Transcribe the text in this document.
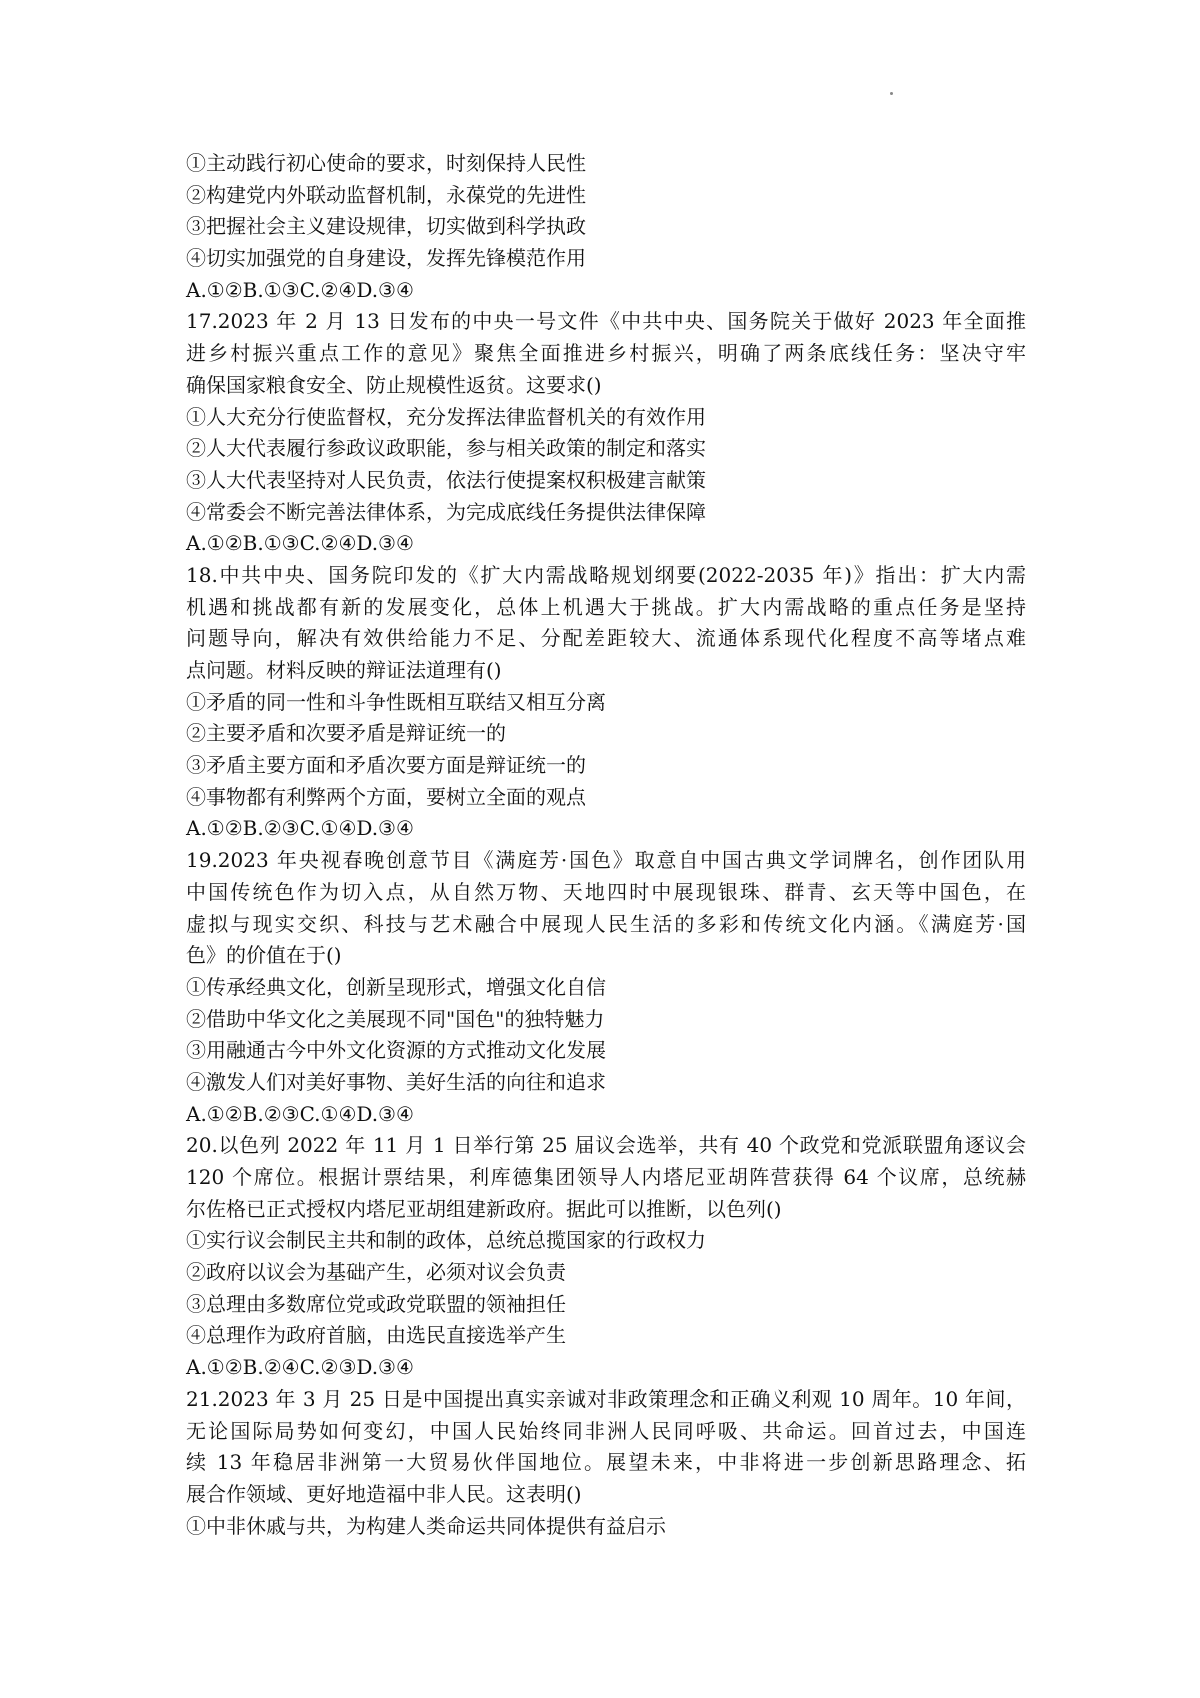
①主动践行初心使命的要求，时刻保持人民性
②构建党内外联动监督机制，永葆党的先进性
③把握社会主义建设规律，切实做到科学执政
④切实加强党的自身建设，发挥先锋模范作用
A.①②B.①③C.②④D.③④
17.2023 年 2 月 13 日发布的中央一号文件《中共中央、国务院关于做好 2023 年全面推
进乡村振兴重点工作的意见》聚焦全面推进乡村振兴，明确了两条底线任务：坚决守牢
确保国家粮食安全、防止规模性返贫。这要求()
①人大充分行使监督权，充分发挥法律监督机关的有效作用
②人大代表履行参政议政职能，参与相关政策的制定和落实
③人大代表坚持对人民负责，依法行使提案权积极建言献策
④常委会不断完善法律体系，为完成底线任务提供法律保障
A.①②B.①③C.②④D.③④
18.中共中央、国务院印发的《扩大内需战略规划纲要(2022-2035 年)》指出：扩大内需
机遇和挑战都有新的发展变化，总体上机遇大于挑战。扩大内需战略的重点任务是坚持
问题导向，解决有效供给能力不足、分配差距较大、流通体系现代化程度不高等堵点难
点问题。材料反映的辩证法道理有()
①矛盾的同一性和斗争性既相互联结又相互分离
②主要矛盾和次要矛盾是辩证统一的
③矛盾主要方面和矛盾次要方面是辩证统一的
④事物都有利弊两个方面，要树立全面的观点
A.①②B.②③C.①④D.③④
19.2023 年央视春晚创意节目《满庭芳·国色》取意自中国古典文学词牌名，创作团队用
中国传统色作为切入点，从自然万物、天地四时中展现银珠、群青、玄天等中国色，在
虚拟与现实交织、科技与艺术融合中展现人民生活的多彩和传统文化内涵。《满庭芳·国
色》的价值在于()
①传承经典文化，创新呈现形式，增强文化自信
②借助中华文化之美展现不同"国色"的独特魅力
③用融通古今中外文化资源的方式推动文化发展
④激发人们对美好事物、美好生活的向往和追求
A.①②B.②③C.①④D.③④
20.以色列 2022 年 11 月 1 日举行第 25 届议会选举，共有 40 个政党和党派联盟角逐议会
120 个席位。根据计票结果，利库德集团领导人内塔尼亚胡阵营获得 64 个议席，总统赫
尔佐格已正式授权内塔尼亚胡组建新政府。据此可以推断，以色列()
①实行议会制民主共和制的政体，总统总揽国家的行政权力
②政府以议会为基础产生，必须对议会负责
③总理由多数席位党或政党联盟的领袖担任
④总理作为政府首脑，由选民直接选举产生
A.①②B.②④C.②③D.③④
21.2023 年 3 月 25 日是中国提出真实亲诚对非政策理念和正确义利观 10 周年。10 年间，
无论国际局势如何变幻，中国人民始终同非洲人民同呼吸、共命运。回首过去，中国连
续 13 年稳居非洲第一大贸易伙伴国地位。展望未来，中非将进一步创新思路理念、拓
展合作领域、更好地造福中非人民。这表明()
①中非休戚与共，为构建人类命运共同体提供有益启示
